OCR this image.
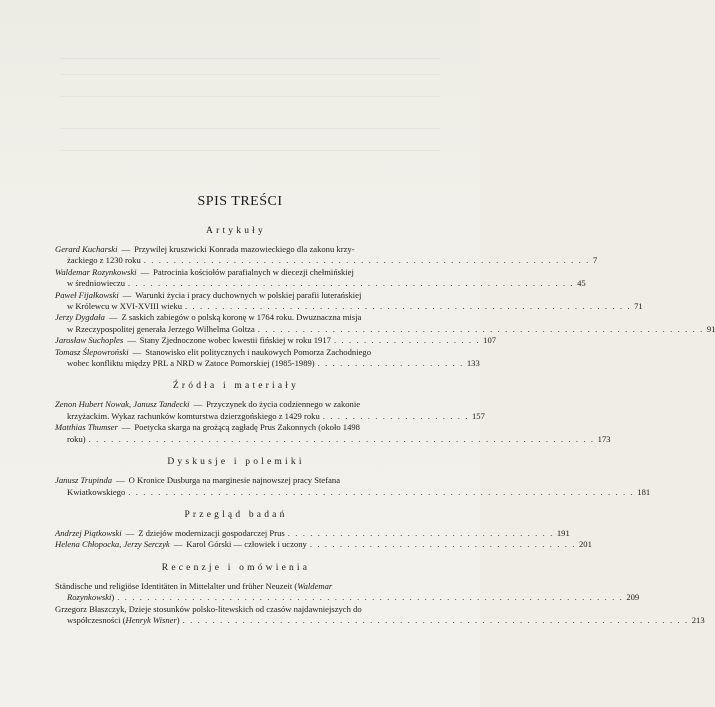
SPIS TREŚCI
Artykuły
Gerard Kucharski — Przywilej kruszwicki Konrada mazowieckiego dla zakonu krzy-
żackiego z 1230 roku . . . . . . . . . . . . . . . . . . . . . . . . . . . . . . . . . . . . . . . . . . . . . . . . . . . . . . . . . . . . 7
Waldemar Rozynkowski — Patrocinia kościołów parafialnych w diecezji chełmińskiej
w średniowieczu . . . . . . . . . . . . . . . . . . . . . . . . . . . . . . . . . . . . . . . . . . . . . . . . . . . . . . . . . . . . 45
Paweł Fijałkowski — Warunki życia i pracy duchownych w polskiej parafii luterańskiej
w Królewcu w XVI-XVIII wieku . . . . . . . . . . . . . . . . . . . . . . . . . . . . . . . . . . . . . . . . . . . . . . . . . . . . . . . . . . . . 71
Jerzy Dygdała — Z saskich zabiegów o polską koronę w 1764 roku. Dwuznaczna misja
w Rzeczypospolitej generała Jerzego Wilhelma Goltza . . . . . . . . . . . . . . . . . . . . . . . . . . . . . . . . . . . . . . . . . . . . . . . . . . . . . . . . . . . . 91
Jarosław Suchoples — Stany Zjednoczone wobec kwestii fińskiej w roku 1917 . . . . . . . . . . . . . . . . . . . . 107
Tomasz Ślepowroński — Stanowisko elit politycznych i naukowych Pomorza Zachodniego
wobec konfliktu między PRL a NRD w Zatoce Pomorskiej (1985-1989) . . . . . . . . . . . . . . . . . . . . 133
Źródła i materiały
Zenon Hubert Nowak, Janusz Tandecki — Przyczynek do życia codziennego w zakonie
krzyżackim. Wykaz rachunków komturstwa dzierzgońskiego z 1429 roku . . . . . . . . . . . . . . . . . . . . 157
Matthias Thumser — Poetycka skarga na grożącą zagładę Prus Zakonnych (około 1498
roku) . . . . . . . . . . . . . . . . . . . . . . . . . . . . . . . . . . . . . . . . . . . . . . . . . . . . . . . . . . . . . . . . . . . . 173
Dyskusje i polemiki
Janusz Trupinda — O Kronice Dusburga na marginesie najnowszej pracy Stefana
Kwiatkowskiego . . . . . . . . . . . . . . . . . . . . . . . . . . . . . . . . . . . . . . . . . . . . . . . . . . . . . . . . . . . . . . . . . . . . 181
Przegląd badań
Andrzej Piątkowski — Z dziejów modernizacji gospodarczej Prus . . . . . . . . . . . . . . . . . . . . . . . . . . . . . . . . . . . . 191
Helena Chłopocka, Jerzy Serczyk — Karol Górski — człowiek i uczony . . . . . . . . . . . . . . . . . . . . . . . . . . . . . . . . . . . . 201
Recenzje i omówienia
Ständische und religiöse Identitäten in Mittelalter und früher Neuzeit (Waldemar
Rozynkowski) . . . . . . . . . . . . . . . . . . . . . . . . . . . . . . . . . . . . . . . . . . . . . . . . . . . . . . . . . . . . . . . . . . . . 209
Grzegorz Błaszczyk, Dzieje stosunków polsko-litewskich od czasów najdawniejszych do
współczesności (Henryk Wisner) . . . . . . . . . . . . . . . . . . . . . . . . . . . . . . . . . . . . . . . . . . . . . . . . . . . . . . . . . . . . . . . . . . . . 213
